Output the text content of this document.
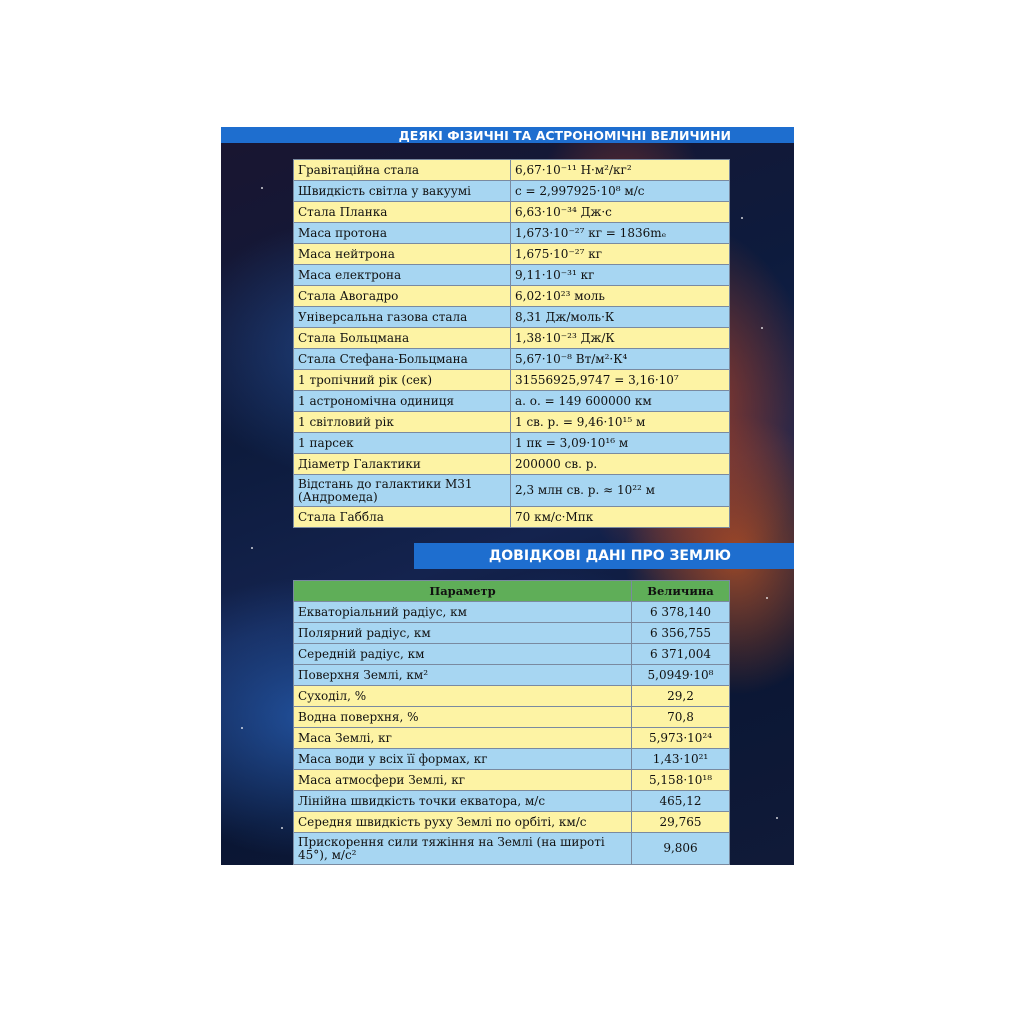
ДЕЯКІ ФІЗИЧНІ ТА АСТРОНОМІЧНІ ВЕЛИЧИНИ
Гравітаційна стала	6,67·10⁻¹¹ Н·м²/кг²
Швидкість світла у вакуумі	c = 2,997925·10⁸ м/с
Стала Планка	6,63·10⁻³⁴ Дж·с
Маса протона	1,673·10⁻²⁷ кг = 1836mₑ
Маса нейтрона	1,675·10⁻²⁷ кг
Маса електрона	9,11·10⁻³¹ кг
Стала Авогадро	6,02·10²³ моль
Універсальна газова стала	8,31 Дж/моль·К
Стала Больцмана	1,38·10⁻²³ Дж/К
Стала Стефана-Больцмана	5,67·10⁻⁸ Вт/м²·К⁴
1 тропічний рік (сек)	31556925,9747 = 3,16·10⁷
1 астрономічна одиниця	а. о. = 149 600000 км
1 світловий рік	1 св. р. = 9,46·10¹⁵ м
1 парсек	1 пк = 3,09·10¹⁶ м
Діаметр Галактики	200000 св. р.
Відстань до галактики M31 (Андромеда)	2,3 млн св. р. ≈ 10²² м
Стала Габбла	70 км/с·Мпк
ДОВІДКОВІ ДАНІ ПРО ЗЕМЛЮ
Параметр	Величина
Екваторіальний радіус, км	6 378,140
Полярний радіус, км	6 356,755
Середній радіус, км	6 371,004
Поверхня Землі, км²	5,0949·10⁸
Суходіл, %	29,2
Водна поверхня, %	70,8
Маса Землі, кг	5,973·10²⁴
Маса води у всіх її формах, кг	1,43·10²¹
Маса атмосфери Землі, кг	5,158·10¹⁸
Лінійна швидкість точки екватора, м/с	465,12
Середня швидкість руху Землі по орбіті, км/с	29,765
Прискорення сили тяжіння на Землі (на широті 45°), м/с²	9,806
